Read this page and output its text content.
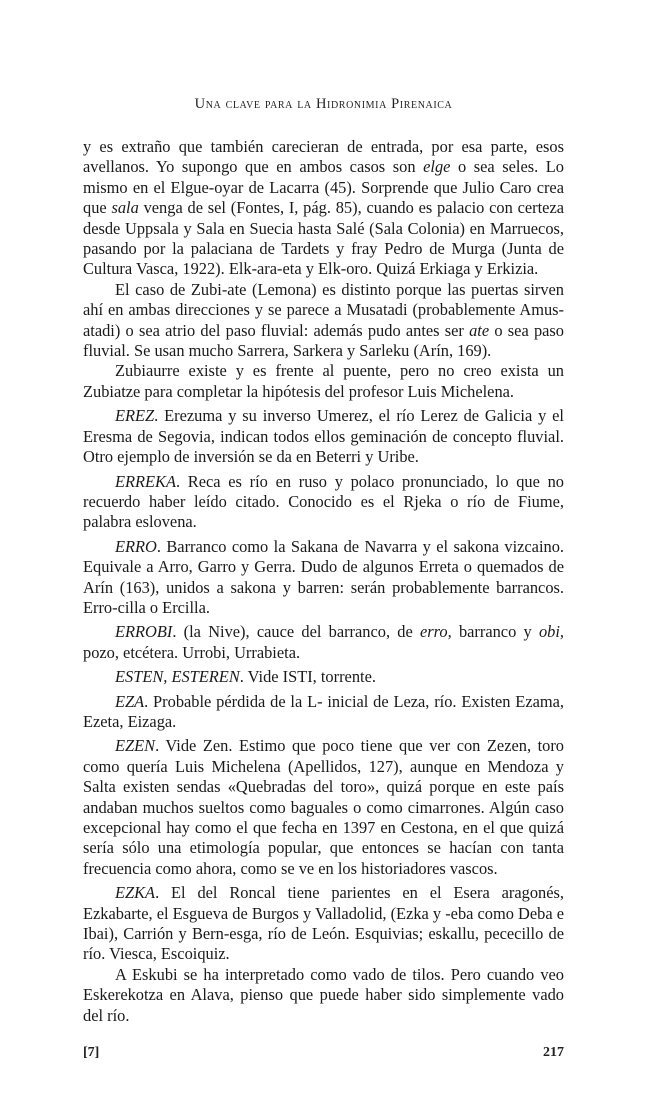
Una clave para la Hidronimia Pirenaica

y es extraño que también carecieran de entrada, por esa parte, esos avellanos. Yo supongo que en ambos casos son elge o sea seles. Lo mismo en el Elgue-oyar de Lacarra (45). Sorprende que Julio Caro crea que sala venga de sel (Fontes, I, pág. 85), cuando es palacio con certeza desde Uppsala y Sala en Suecia hasta Salé (Sala Colonia) en Marruecos, pasando por la palaciana de Tardets y fray Pedro de Murga (Junta de Cultura Vasca, 1922). Elk-ara-eta y Elk-oro. Quizá Erkiaga y Erkizia.

El caso de Zubi-ate (Lemona) es distinto porque las puertas sirven ahí en ambas direcciones y se parece a Musatadi (probablemente Amus-atadi) o sea atrio del paso fluvial: además pudo antes ser ate o sea paso fluvial. Se usan mucho Sarrera, Sarkera y Sarleku (Arín, 169).

Zubiaurre existe y es frente al puente, pero no creo exista un Zubiatze para completar la hipótesis del profesor Luis Michelena.

EREZ. Erezuma y su inverso Umerez, el río Lerez de Galicia y el Eresma de Segovia, indican todos ellos geminación de concepto fluvial. Otro ejemplo de inversión se da en Beterri y Uribe.

ERREKA. Reca es río en ruso y polaco pronunciado, lo que no recuerdo haber leído citado. Conocido es el Rjeka o río de Fiume, palabra eslovena.

ERRO. Barranco como la Sakana de Navarra y el sakona vizcaino. Equivale a Arro, Garro y Gerra. Dudo de algunos Erreta o quemados de Arín (163), unidos a sakona y barren: serán probablemente barrancos. Erro-cilla o Ercilla.

ERROBI. (la Nive), cauce del barranco, de erro, barranco y obi, pozo, etcétera. Urrobi, Urrabieta.

ESTEN, ESTEREN. Vide ISTI, torrente.

EZA. Probable pérdida de la L- inicial de Leza, río. Existen Ezama, Ezeta, Eizaga.

EZEN. Vide Zen. Estimo que poco tiene que ver con Zezen, toro como quería Luis Michelena (Apellidos, 127), aunque en Mendoza y Salta existen sendas «Quebradas del toro», quizá porque en este país andaban muchos sueltos como baguales o como cimarrones. Algún caso excepcional hay como el que fecha en 1397 en Cestona, en el que quizá sería sólo una etimología popular, que entonces se hacían con tanta frecuencia como ahora, como se ve en los historiadores vascos.

EZKA. El del Roncal tiene parientes en el Esera aragonés, Ezkabarte, el Esgueva de Burgos y Valladolid, (Ezka y -eba como Deba e Ibai), Carrión y Bern-esga, río de León. Esquivias; eskallu, pececillo de río. Viesca, Escoiquiz.

A Eskubi se ha interpretado como vado de tilos. Pero cuando veo Eskerekotza en Alava, pienso que puede haber sido simplemente vado del río.

[7]	217
